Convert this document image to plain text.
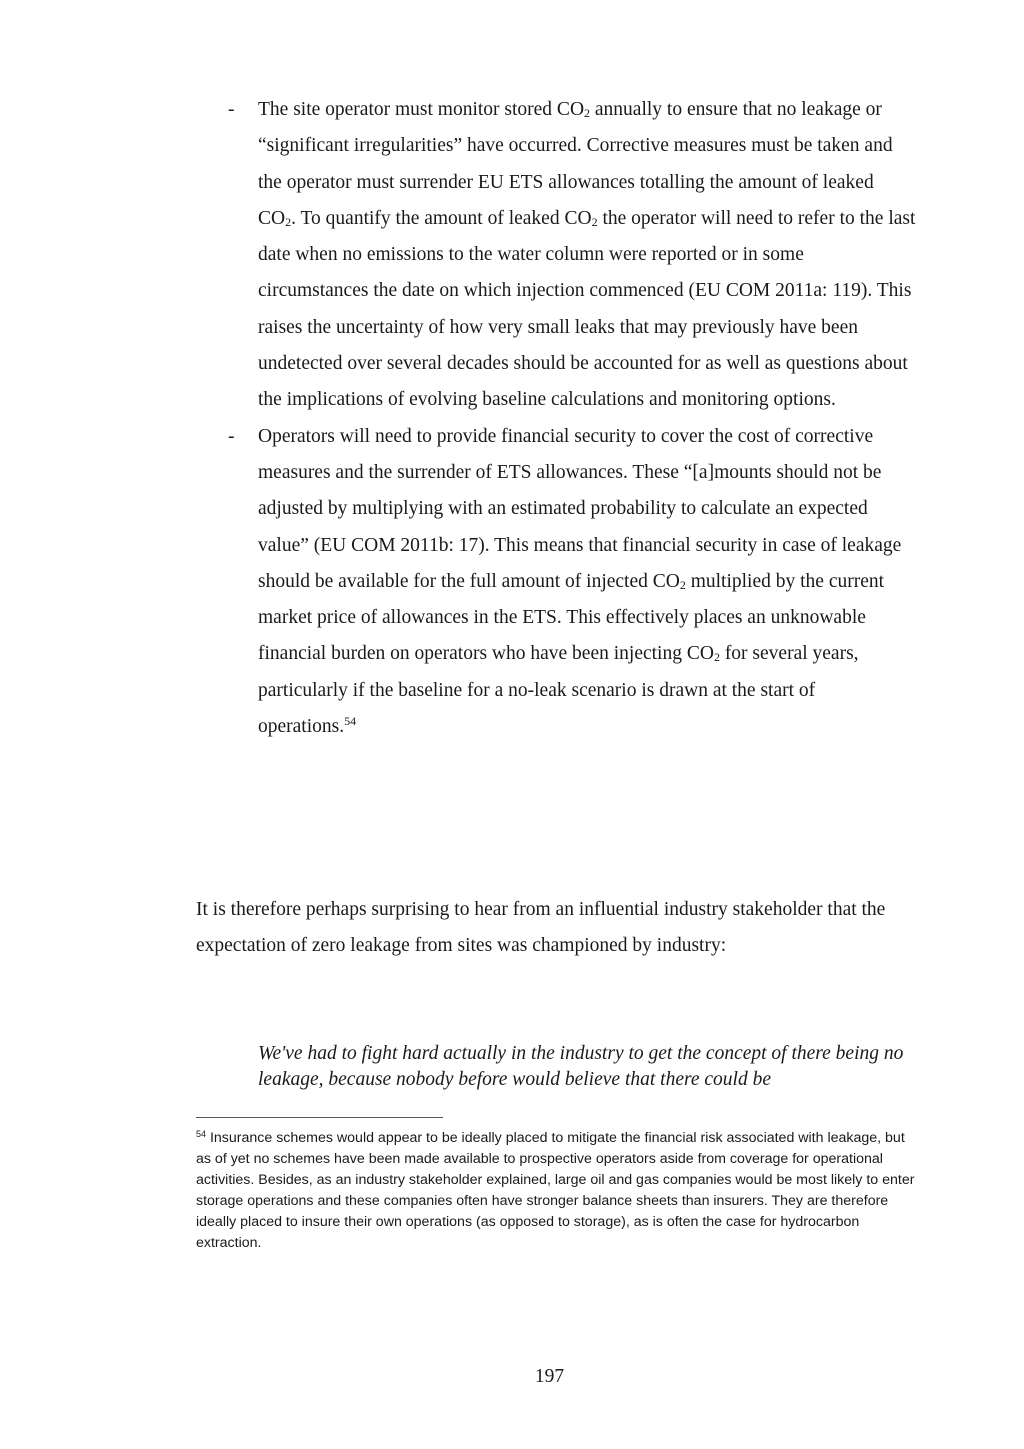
- The site operator must monitor stored $CO_2$ annually to ensure that no leakage or “significant irregularities” have occurred. Corrective measures must be taken and the operator must surrender EU ETS allowances totalling the amount of leaked $CO_2$. To quantify the amount of leaked $CO_2$ the operator will need to refer to the last date when no emissions to the water column were reported or in some circumstances the date on which injection commenced (EU COM 2011a: 119). This raises the uncertainty of how very small leaks that may previously have been undetected over several decades should be accounted for as well as questions about the implications of evolving baseline calculations and monitoring options.
- Operators will need to provide financial security to cover the cost of corrective measures and the surrender of ETS allowances. These “[a]mounts should not be adjusted by multiplying with an estimated probability to calculate an expected value” (EU COM 2011b: 17). This means that financial security in case of leakage should be available for the full amount of injected $CO_2$ multiplied by the current market price of allowances in the ETS. This effectively places an unknowable financial burden on operators who have been injecting $CO_2$ for several years, particularly if the baseline for a no-leak scenario is drawn at the start of operations.$^{54}$

It is therefore perhaps surprising to hear from an influential industry stakeholder that the expectation of zero leakage from sites was championed by industry:

We've had to fight hard actually in the industry to get the concept of there being no leakage, because nobody before would believe that there could be

$^{54}$ Insurance schemes would appear to be ideally placed to mitigate the financial risk associated with leakage, but as of yet no schemes have been made available to prospective operators aside from coverage for operational activities. Besides, as an industry stakeholder explained, large oil and gas companies would be most likely to enter storage operations and these companies often have stronger balance sheets than insurers. They are therefore ideally placed to insure their own operations (as opposed to storage), as is often the case for hydrocarbon extraction.

197
